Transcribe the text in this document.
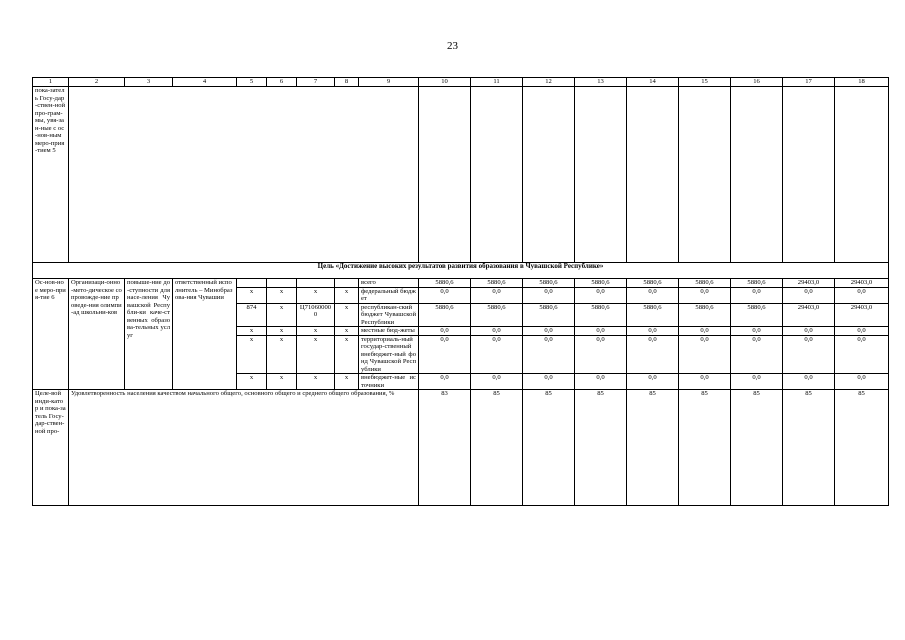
23
1	2	3	4	5	6	7	8	9	10	11	12	13	14	15	16	17	18
пока-затель Госу-дар-ствен-ной про-грам-мы, увя-зан-ные с ос-нов-ным меро-прия-тием 5																	
Цель «Достижение высоких результатов развития образования в Чувашской Республике»																	
Ос-нов-ное меро-прия-тие 6	Организаци-онно-мето-дическое сопровожде-ние проведе-ния олимпи-ад школьни-ков	повыше-ние до-ступности для насе-ления Чувашской Республи-ки каче-ственных образова-тельных услуг	ответственный исполнитель – Минобразова-ния Чувашии					всего	5880,6	5880,6	5880,6	5880,6	5880,6	5880,6	5880,6	29403,0	29403,0
				x	x	x	x	федеральный бюджет	0,0	0,0	0,0	0,0	0,0	0,0	0,0	0,0	0,0
				874	x	Ц710600000	x	республикан-ский бюджет Чувашской Республики	5880,6	5880,6	5880,6	5880,6	5880,6	5880,6	5880,6	29403,0	29403,0
				x	x	x	x	местные бюд-жеты	0,0	0,0	0,0	0,0	0,0	0,0	0,0	0,0	0,0
				x	x	x	x	территориаль-ный государ-ственный внебюджет-ный фонд Чувашской Республики	0,0	0,0	0,0	0,0	0,0	0,0	0,0	0,0	0,0
				x	x	x	x	внебюджет-ные источники	0,0	0,0	0,0	0,0	0,0	0,0	0,0	0,0	0,0
Целе-вой инди-катор и пока-затель Госу-дар-ствен-ной про-	Удовлетворенность населения качеством начального общего, основного общего и среднего общего образования, %								83	85	85	85	85	85	85	85	85
